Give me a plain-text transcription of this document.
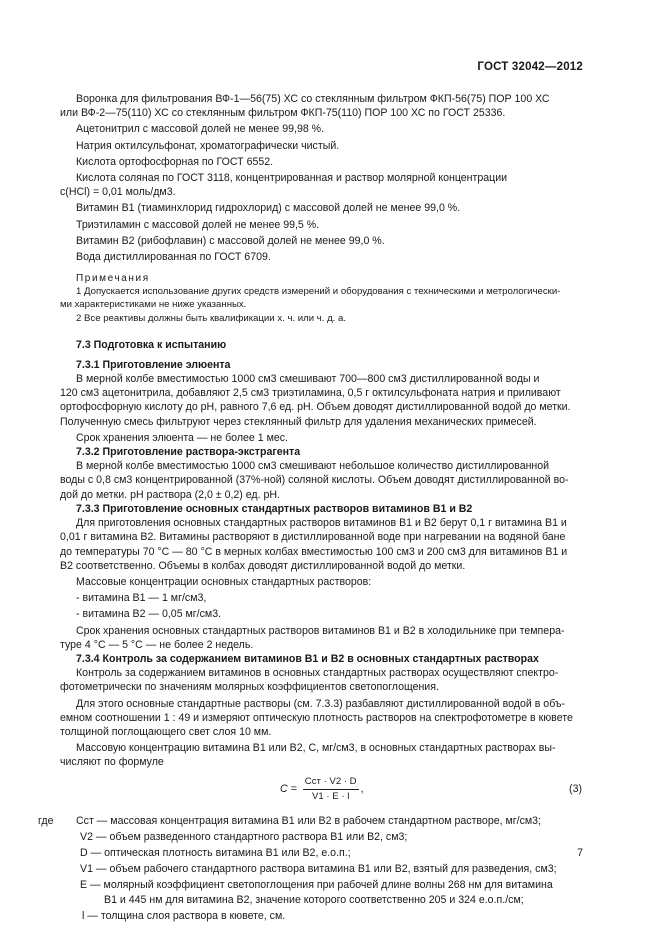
ГОСТ 32042—2012

Воронка для фильтрования ВФ-1—56(75) ХС со стеклянным фильтром ФКП-56(75) ПОР 100 ХС

или ВФ-2—75(110) ХС со стеклянным фильтром ФКП-75(110) ПОР 100 ХС по ГОСТ 25336.

Ацетонитрил с массовой долей не менее 99,98 %.

Натрия октилсульфонат, хроматографически чистый.

Кислота ортофосфорная по ГОСТ 6552.

Кислота соляная по ГОСТ 3118, концентрированная и раствор молярной концентрации

c(HCl) = 0,01 моль/дм3.

Витамин B1 (тиаминхлорид гидрохлорид) с массовой долей не менее 99,0 %.

Триэтиламин с массовой долей не менее 99,5 %.

Витамин B2 (рибофлавин) с массовой долей не менее 99,0 %.

Вода дистиллированная по ГОСТ 6709.

Примечания

1 Допускается использование других средств измерений и оборудования с техническими и метрологически-

ми характеристиками не ниже указанных.

2 Все реактивы должны быть квалификации х. ч. или ч. д. а.

7.3 Подготовка к испытанию

7.3.1 Приготовление элюента

В мерной колбе вместимостью 1000 см3 смешивают 700—800 см3 дистиллированной воды и

120 см3 ацетонитрила, добавляют 2,5 см3 триэтиламина, 0,5 г октилсульфоната натрия и приливают

ортофосфорную кислоту до рН, равного 7,6 ед. рН. Объем доводят дистиллированной водой до метки.

Полученную смесь фильтруют через стеклянный фильтр для удаления механических примесей.

Срок хранения элюента — не более 1 мес.

7.3.2 Приготовление раствора-экстрагента

В мерной колбе вместимостью 1000 см3 смешивают небольшое количество дистиллированной

воды с 0,8 см3 концентрированной (37%-ной) соляной кислоты. Объем доводят дистиллированной во-

дой до метки. рН раствора (2,0 ± 0,2) ед. рН.

7.3.3 Приготовление основных стандартных растворов витаминов B1 и B2

Для приготовления основных стандартных растворов витаминов B1 и B2 берут 0,1 г витамина B1 и

0,01 г витамина B2. Витамины растворяют в дистиллированной воде при нагревании на водяной бане

до температуры 70 °С — 80 °С в мерных колбах вместимостью 100 см3 и 200 см3 для витаминов B1 и

B2 соответственно. Объемы в колбах доводят дистиллированной водой до метки.

Массовые концентрации основных стандартных растворов:

- витамина B1 — 1 мг/см3,

- витамина B2 — 0,05 мг/см3.

Срок хранения основных стандартных растворов витаминов B1 и B2 в холодильнике при темпера-

туре 4 °С — 5 °С — не более 2 недель.

7.3.4 Контроль за содержанием витаминов B1 и B2 в основных стандартных растворах

Контроль за содержанием витаминов в основных стандартных растворах осуществляют спектро-

фотометрически по значениям молярных коэффициентов светопоглощения.

Для этого основные стандартные растворы (см. 7.3.3) разбавляют дистиллированной водой в объ-

емном соотношении 1 : 49 и измеряют оптическую плотность растворов на спектрофотометре в кювете

толщиной поглощающего свет слоя 10 мм.

Массовую концентрацию витамина B1 или B2, C, мг/см3, в основных стандартных растворах вы-

числяют по формуле

$C = \frac{\text{Cст · V2 · D}}{V1 \cdot E \cdot l}$ ,	(3)

где	Cст — массовая концентрация витамина B1 или B2 в рабочем стандартном растворе, мг/см3;

V2 — объем разведенного стандартного раствора B1 или B2, см3;

D — оптическая плотность витамина B1 или B2, е.о.п.;

V1 — объем рабочего стандартного раствора витамина B1 или B2, взятый для разведения, см3;

E — молярный коэффициент светопоглощения при рабочей длине волны 268 нм для витамина

B1 и 445 нм для витамина B2, значение которого соответственно 205 и 324 е.о.п./см;

l — толщина слоя раствора в кювете, см.

7
